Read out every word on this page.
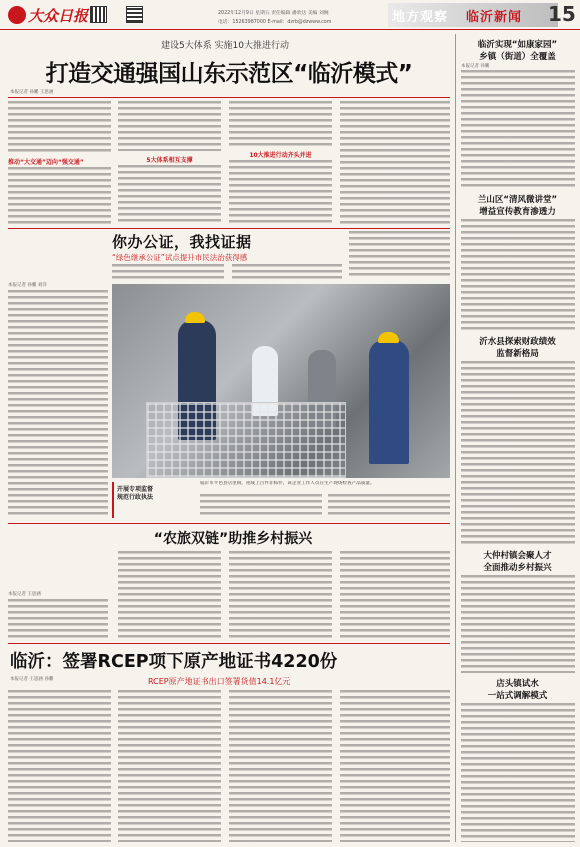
大众日报	2022年12月9日 星期五 责任编辑 潘欣达 美编 刘婉
电话：15263987000 E-mail：dzrb@dzwww.com	地方观察 临沂新闻 15
建设5大体系 实施10大推进行动
打造交通强国山东示范区“临沂模式”
本报记者 孙鹏 王思涵
推动“大交通”迈向“强交通”	5大体系相互支撑
10大推进行动齐头并进
你办公证，我找证据
“绿色继承公证”试点提升市民法治获得感
本报记者 孙鹏 刘洋
开展专项监督
规范行政执法
临沂市平邑县店里镇，拍成上百件非标件，该企业工作人员在生产现场检查产品质量。
“农旅双链”助推乡村振兴
本报记者 王思涵
临沂：签署RCEP项下原产地证书4220份
RCEP原产地证书出口签署货值14.1亿元
本报记者 王思涵 孙鹏
临沂实现“如康家园”
乡镇（街道）全覆盖
本报记者 孙鹏
兰山区“清风微讲堂”
增益宣传教育渗透力
沂水县探索财政绩效
监督新格局
大仲村镇会聚人才
全面推动乡村振兴
店头镇试水
一站式调解模式
